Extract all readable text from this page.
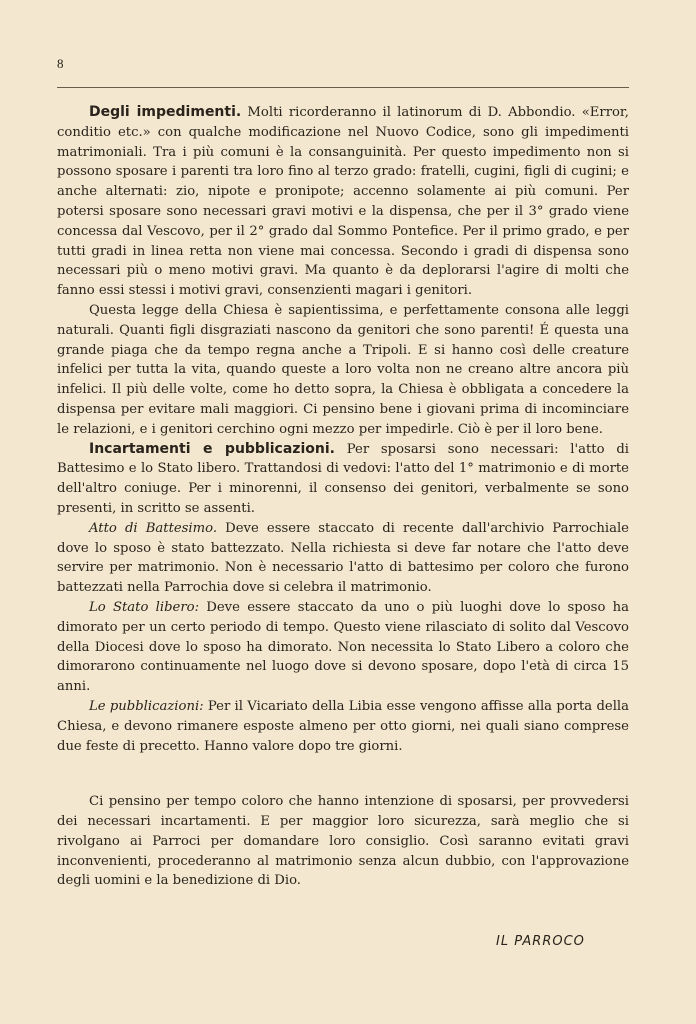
8

Degli impedimenti. Molti ricorderanno il latinorum di D. Abbondio. «Error, conditio etc.» con qualche modificazione nel Nuovo Codice, sono gli impedimenti matrimoniali. Tra i più comuni è la consanguinità. Per questo impedimento non si possono sposare i parenti tra loro fino al terzo grado: fratelli, cugini, figli di cugini; e anche alternati: zio, nipote e pronipote; accenno solamente ai più comuni. Per potersi sposare sono necessari gravi motivi e la dispensa, che per il 3° grado viene concessa dal Vescovo, per il 2° grado dal Sommo Pontefice. Per il primo grado, e per tutti gradi in linea retta non viene mai concessa. Secondo i gradi di dispensa sono necessari più o meno motivi gravi. Ma quanto è da deplorarsi l'agire di molti che fanno essi stessi i motivi gravi, consenzienti magari i genitori.

Questa legge della Chiesa è sapientissima, e perfettamente consona alle leggi naturali. Quanti figli disgraziati nascono da genitori che sono parenti! É questa una grande piaga che da tempo regna anche a Tripoli. E si hanno così delle creature infelici per tutta la vita, quando queste a loro volta non ne creano altre ancora più infelici. Il più delle volte, come ho detto sopra, la Chiesa è obbligata a concedere la dispensa per evitare mali maggiori. Ci pensino bene i giovani prima di incominciare le relazioni, e i genitori cerchino ogni mezzo per impedirle. Ciò è per il loro bene.

Incartamenti e pubblicazioni. Per sposarsi sono necessari: l'atto di Battesimo e lo Stato libero. Trattandosi di vedovi: l'atto del 1° matrimonio e di morte dell'altro coniuge. Per i minorenni, il consenso dei genitori, verbalmente se sono presenti, in scritto se assenti.

Atto di Battesimo. Deve essere staccato di recente dall'archivio Parrochiale dove lo sposo è stato battezzato. Nella richiesta si deve far notare che l'atto deve servire per matrimonio. Non è necessario l'atto di battesimo per coloro che furono battezzati nella Parrochia dove si celebra il matrimonio.

Lo Stato libero: Deve essere staccato da uno o più luoghi dove lo sposo ha dimorato per un certo periodo di tempo. Questo viene rilasciato di solito dal Vescovo della Diocesi dove lo sposo ha dimorato. Non necessita lo Stato Libero a coloro che dimorarono continuamente nel luogo dove si devono sposare, dopo l'età di circa 15 anni.

Le pubblicazioni: Per il Vicariato della Libia esse vengono affisse alla porta della Chiesa, e devono rimanere esposte almeno per otto giorni, nei quali siano comprese due feste di precetto. Hanno valore dopo tre giorni.

Ci pensino per tempo coloro che hanno intenzione di sposarsi, per provvedersi dei necessari incartamenti. E per maggior loro sicurezza, sarà meglio che si rivolgano ai Parroci per domandare loro consiglio. Così saranno evitati gravi inconvenienti, procederanno al matrimonio senza alcun dubbio, con l'approvazione degli uomini e la benedizione di Dio.

IL PARROCO
